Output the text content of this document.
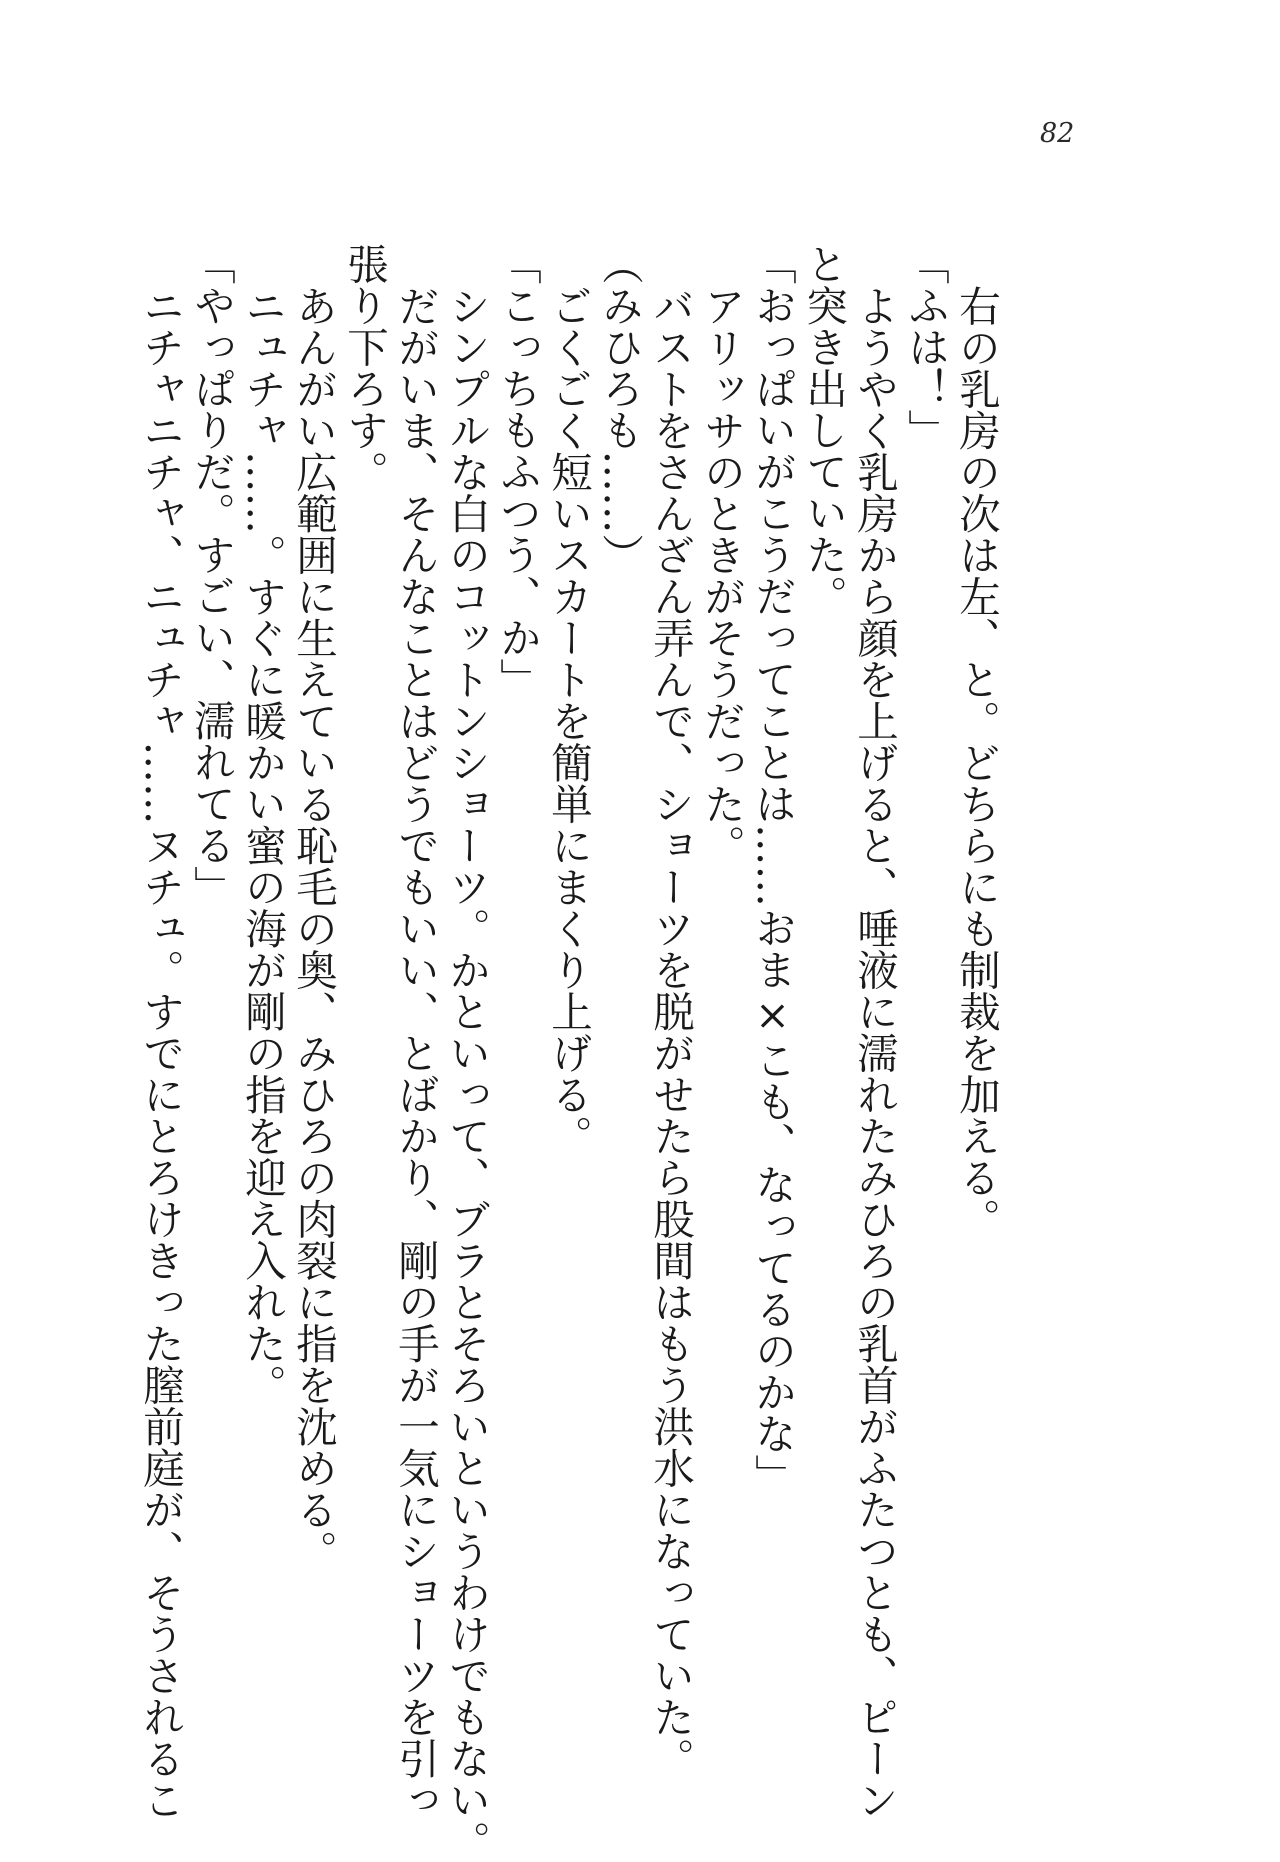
82

右の乳房の次は左、と。どちらにも制裁を加える。

「ふは！」

ようやく乳房から顔を上げると、唾液に濡れたみひろの乳首がふたつとも、ピーン

と突き出していた。

「おっぱいがこうだってことは……おま×こも、なってるのかな」

アリッサのときがそうだった。

バストをさんざん弄んで、ショーツを脱がせたら股間はもう洪水になっていた。

（みひろも……）

ごくごく短いスカートを簡単にまくり上げる。

「こっちもふつう、か」

シンプルな白のコットンショーツ。かといって、ブラとそろいというわけでもない。

だがいま、そんなことはどうでもいい、とばかり、剛の手が一気にショーツを引っ

張り下ろす。

あんがい広範囲に生えている恥毛の奥、みひろの肉裂に指を沈める。

ニュチャ……。すぐに暖かい蜜の海が剛の指を迎え入れた。

「やっぱりだ。すごい、濡れてる」

ニチャニチャ、ニュチャ……ヌチュ。すでにとろけきった膣前庭が、そうされるこ
